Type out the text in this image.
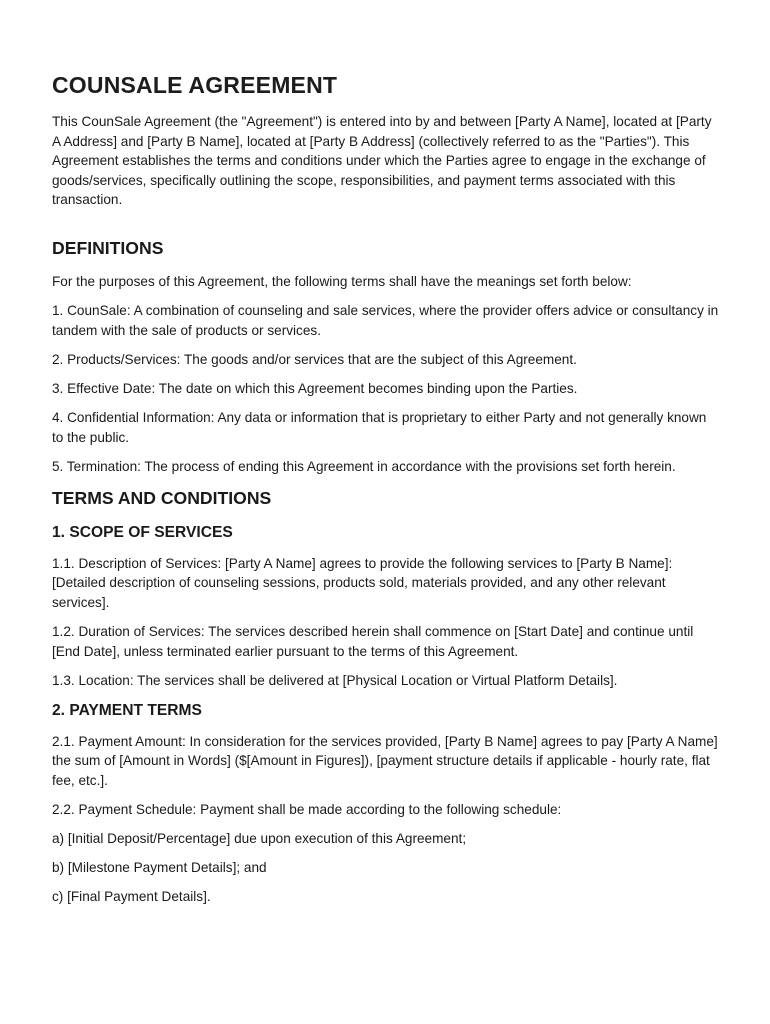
COUNSALE AGREEMENT

This CounSale Agreement (the "Agreement") is entered into by and between [Party A Name], located at [Party A Address] and [Party B Name], located at [Party B Address] (collectively referred to as the "Parties"). This Agreement establishes the terms and conditions under which the Parties agree to engage in the exchange of goods/services, specifically outlining the scope, responsibilities, and payment terms associated with this transaction.

DEFINITIONS

For the purposes of this Agreement, the following terms shall have the meanings set forth below:

1. CounSale: A combination of counseling and sale services, where the provider offers advice or consultancy in tandem with the sale of products or services.

2. Products/Services: The goods and/or services that are the subject of this Agreement.

3. Effective Date: The date on which this Agreement becomes binding upon the Parties.

4. Confidential Information: Any data or information that is proprietary to either Party and not generally known to the public.

5. Termination: The process of ending this Agreement in accordance with the provisions set forth herein.

TERMS AND CONDITIONS
1. SCOPE OF SERVICES

1.1. Description of Services: [Party A Name] agrees to provide the following services to [Party B Name]: [Detailed description of counseling sessions, products sold, materials provided, and any other relevant services].

1.2. Duration of Services: The services described herein shall commence on [Start Date] and continue until [End Date], unless terminated earlier pursuant to the terms of this Agreement.

1.3. Location: The services shall be delivered at [Physical Location or Virtual Platform Details].

2. PAYMENT TERMS

2.1. Payment Amount: In consideration for the services provided, [Party B Name] agrees to pay [Party A Name] the sum of [Amount in Words] ($[Amount in Figures]), [payment structure details if applicable - hourly rate, flat fee, etc.].

2.2. Payment Schedule: Payment shall be made according to the following schedule:

a) [Initial Deposit/Percentage] due upon execution of this Agreement;

b) [Milestone Payment Details]; and

c) [Final Payment Details].
